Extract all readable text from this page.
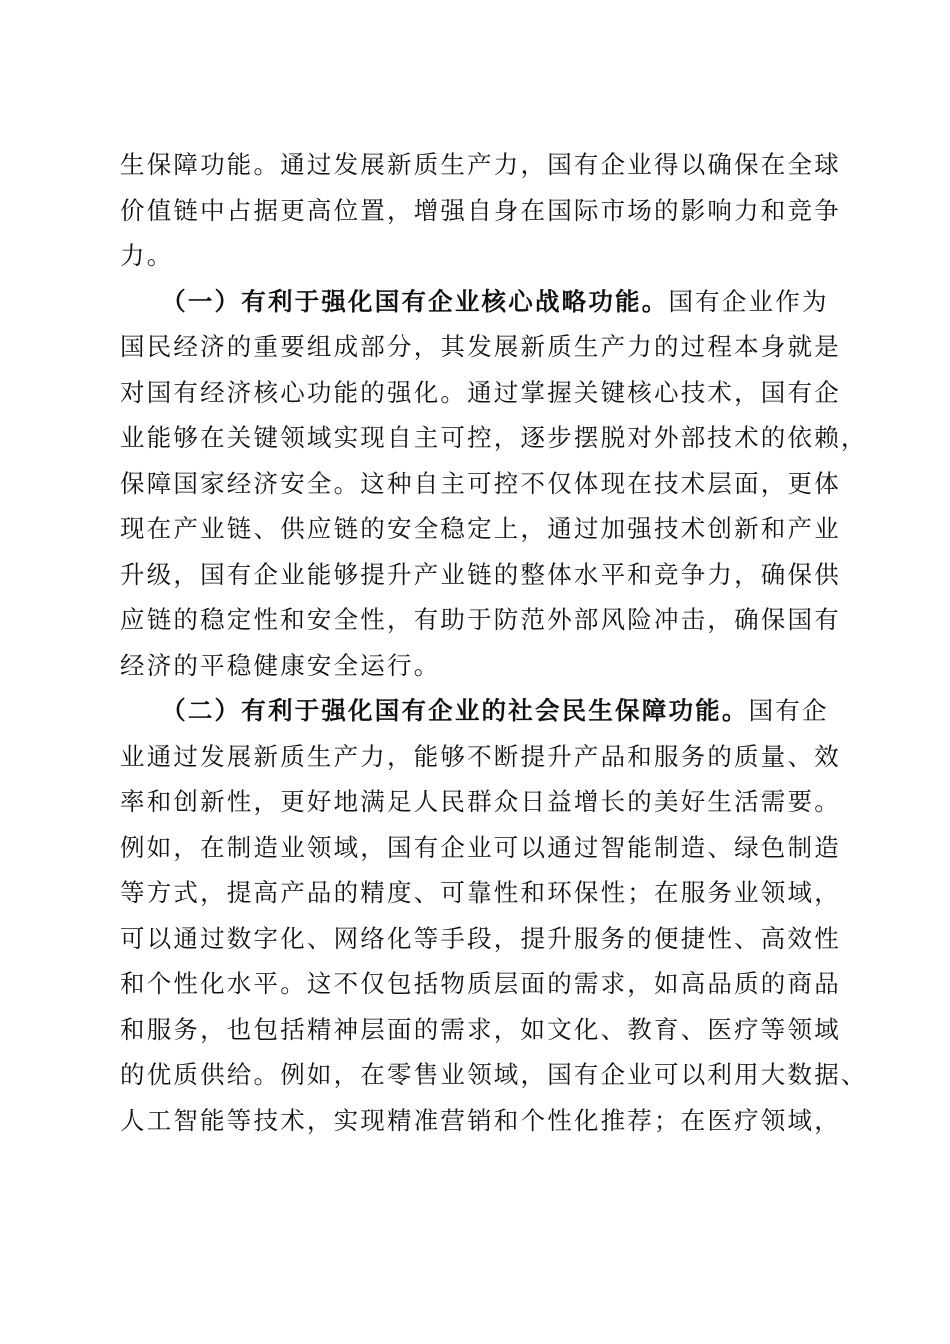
生保障功能。通过发展新质生产力，国有企业得以确保在全球
价值链中占据更高位置，增强自身在国际市场的影响力和竞争
力。
　　（一）有利于强化国有企业核心战略功能。国有企业作为
国民经济的重要组成部分，其发展新质生产力的过程本身就是
对国有经济核心功能的强化。通过掌握关键核心技术，国有企
业能够在关键领域实现自主可控，逐步摆脱对外部技术的依赖，
保障国家经济安全。这种自主可控不仅体现在技术层面，更体
现在产业链、供应链的安全稳定上，通过加强技术创新和产业
升级，国有企业能够提升产业链的整体水平和竞争力，确保供
应链的稳定性和安全性，有助于防范外部风险冲击，确保国有
经济的平稳健康安全运行。
　　（二）有利于强化国有企业的社会民生保障功能。国有企
业通过发展新质生产力，能够不断提升产品和服务的质量、效
率和创新性，更好地满足人民群众日益增长的美好生活需要。
例如，在制造业领域，国有企业可以通过智能制造、绿色制造
等方式，提高产品的精度、可靠性和环保性；在服务业领域，
可以通过数字化、网络化等手段，提升服务的便捷性、高效性
和个性化水平。这不仅包括物质层面的需求，如高品质的商品
和服务，也包括精神层面的需求，如文化、教育、医疗等领域
的优质供给。例如，在零售业领域，国有企业可以利用大数据、
人工智能等技术，实现精准营销和个性化推荐；在医疗领域，
